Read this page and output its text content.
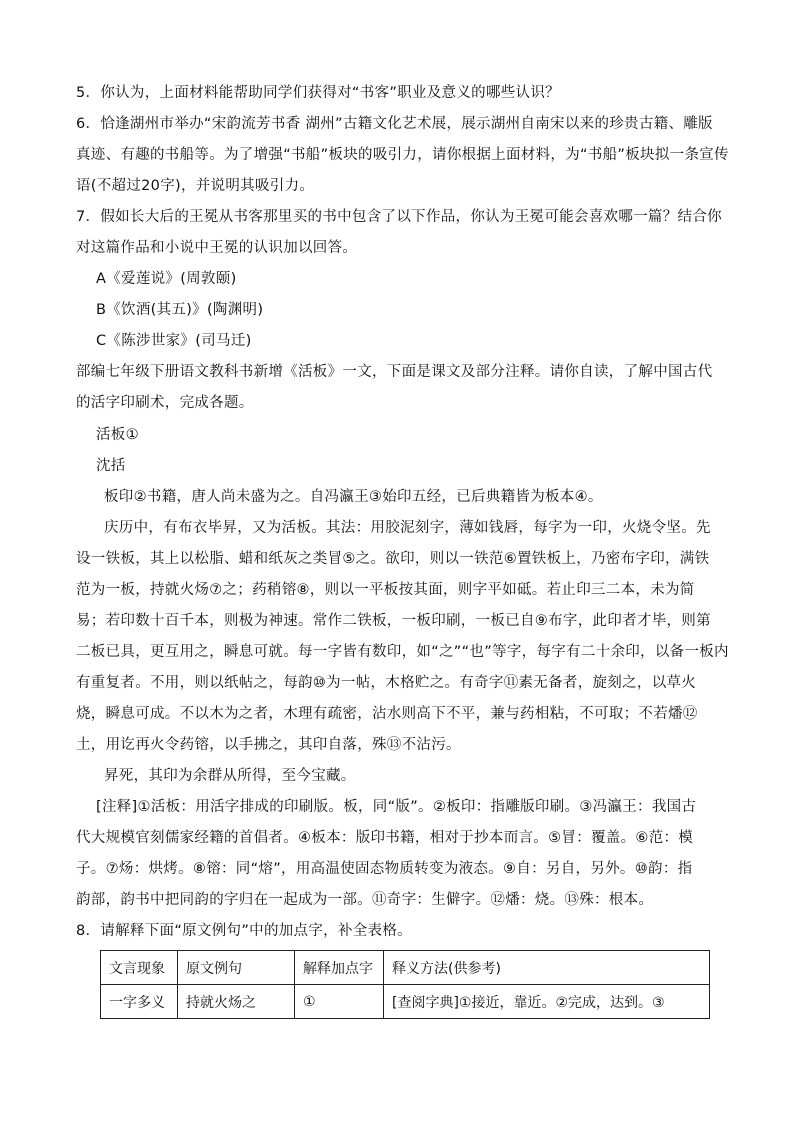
5．你认为，上面材料能帮助同学们获得对“书客”职业及意义的哪些认识？
6．恰逢湖州市举办“宋韵流芳书香 湖州”古籍文化艺术展，展示湖州自南宋以来的珍贵古籍、雕版
真迹、有趣的书船等。为了增强“书船”板块的吸引力，请你根据上面材料，为“书船”板块拟一条宣传
语(不超过20字)，并说明其吸引力。
7．假如长大后的王冕从书客那里买的书中包含了以下作品，你认为王冕可能会喜欢哪一篇？结合你
对这篇作品和小说中王冕的认识加以回答。
A《爱莲说》(周敦颐)
B《饮酒(其五)》(陶渊明)
C《陈涉世家》(司马迁)
部编七年级下册语文教科书新增《活板》一文，下面是课文及部分注释。请你自读，了解中国古代
的活字印刷术，完成各题。
活板①
沈括
板印②书籍，唐人尚未盛为之。自冯瀛王③始印五经，已后典籍皆为板本④。
庆历中，有布衣毕昇，又为活板。其法：用胶泥刻字，薄如钱唇，每字为一印，火烧令坚。先
设一铁板，其上以松脂、蜡和纸灰之类冒⑤之。欲印，则以一铁范⑥置铁板上，乃密布字印，满铁
范为一板，持就火炀⑦之；药稍镕⑧，则以一平板按其面，则字平如砥。若止印三二本，未为简
易；若印数十百千本，则极为神速。常作二铁板，一板印刷，一板已自⑨布字，此印者才毕，则第
二板已具，更互用之，瞬息可就。每一字皆有数印，如“之”“也”等字，每字有二十余印，以备一板内
有重复者。不用，则以纸帖之，每韵⑩为一帖，木格贮之。有奇字⑪素无备者，旋刻之，以草火
烧，瞬息可成。不以木为之者，木理有疏密，沾水则高下不平，兼与药相粘，不可取；不若燔⑫
土，用讫再火令药镕，以手拂之，其印自落，殊⑬不沾污。
昇死，其印为余群从所得，至今宝藏。
[注释]①活板：用活字排成的印刷版。板，同“版”。②板印：指雕版印刷。③冯瀛王：我国古
代大规模官刻儒家经籍的首倡者。④板本：版印书籍，相对于抄本而言。⑤冒：覆盖。⑥范：模
子。⑦炀：烘烤。⑧镕：同“熔”，用高温使固态物质转变为液态。⑨自：另自，另外。⑩韵：指
韵部，韵书中把同韵的字归在一起成为一部。⑪奇字：生僻字。⑫燔：烧。⑬殊：根本。
8．请解释下面“原文例句”中的加点字，补全表格。
文言现象	原文例句	解释加点字	释义方法(供参考)
一字多义	持就火炀之	①	[查阅字典]①接近，靠近。②完成，达到。③
